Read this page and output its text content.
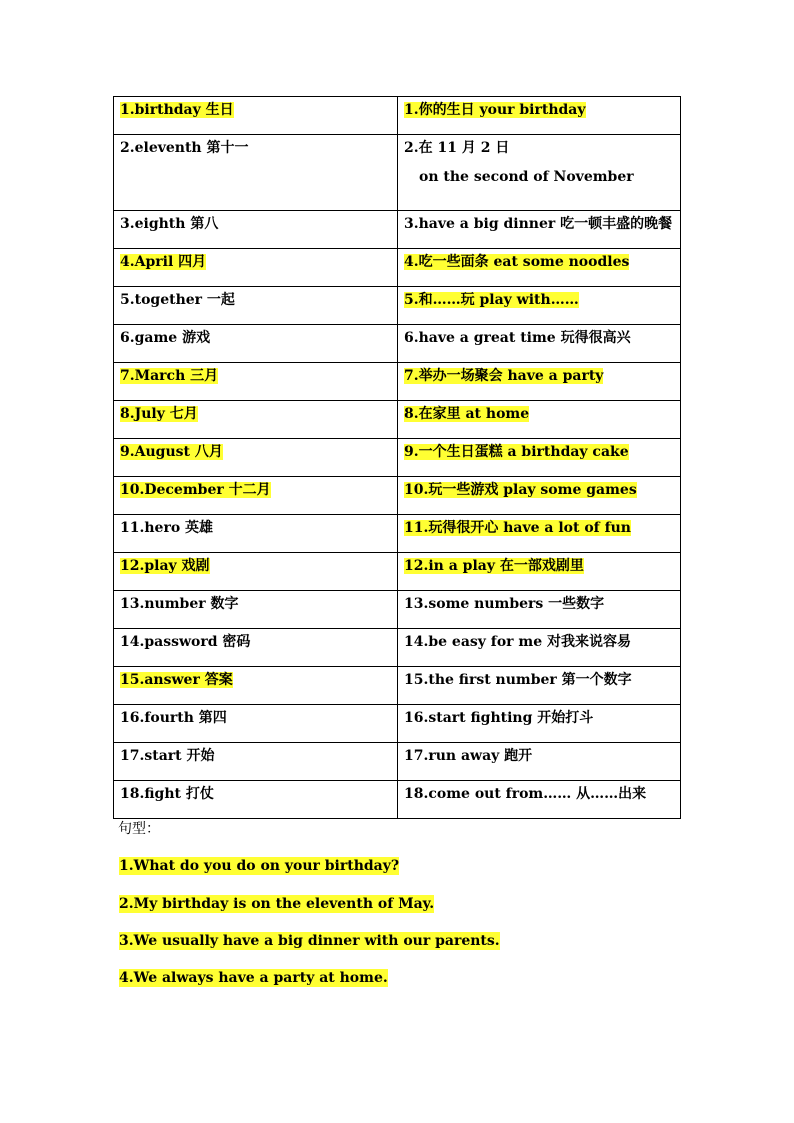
1.birthday 生日	1.你的生日 your birthday
2.eleventh 第十一	2.在 11 月 2 日
on the second of November

3.eighth 第八	3.have a big dinner 吃一顿丰盛的晚餐
4.April 四月	4.吃一些面条 eat some noodles
5.together 一起	5.和……玩 play with……
6.game 游戏	6.have a great time 玩得很高兴
7.March 三月	7.举办一场聚会 have a party
8.July 七月	8.在家里 at home
9.August 八月	9.一个生日蛋糕 a birthday cake
10.December 十二月	10.玩一些游戏 play some games
11.hero 英雄	11.玩得很开心 have a lot of fun
12.play 戏剧	12.in a play 在一部戏剧里
13.number 数字	13.some numbers 一些数字
14.password 密码	14.be easy for me 对我来说容易
15.answer 答案	15.the first number 第一个数字
16.fourth 第四	16.start fighting 开始打斗
17.start 开始	17.run away 跑开
18.fight 打仗	18.come out from…… 从……出来
句型：
1.What do you do on your birthday?
2.My birthday is on the eleventh of May.
3.We usually have a big dinner with our parents.
4.We always have a party at home.
